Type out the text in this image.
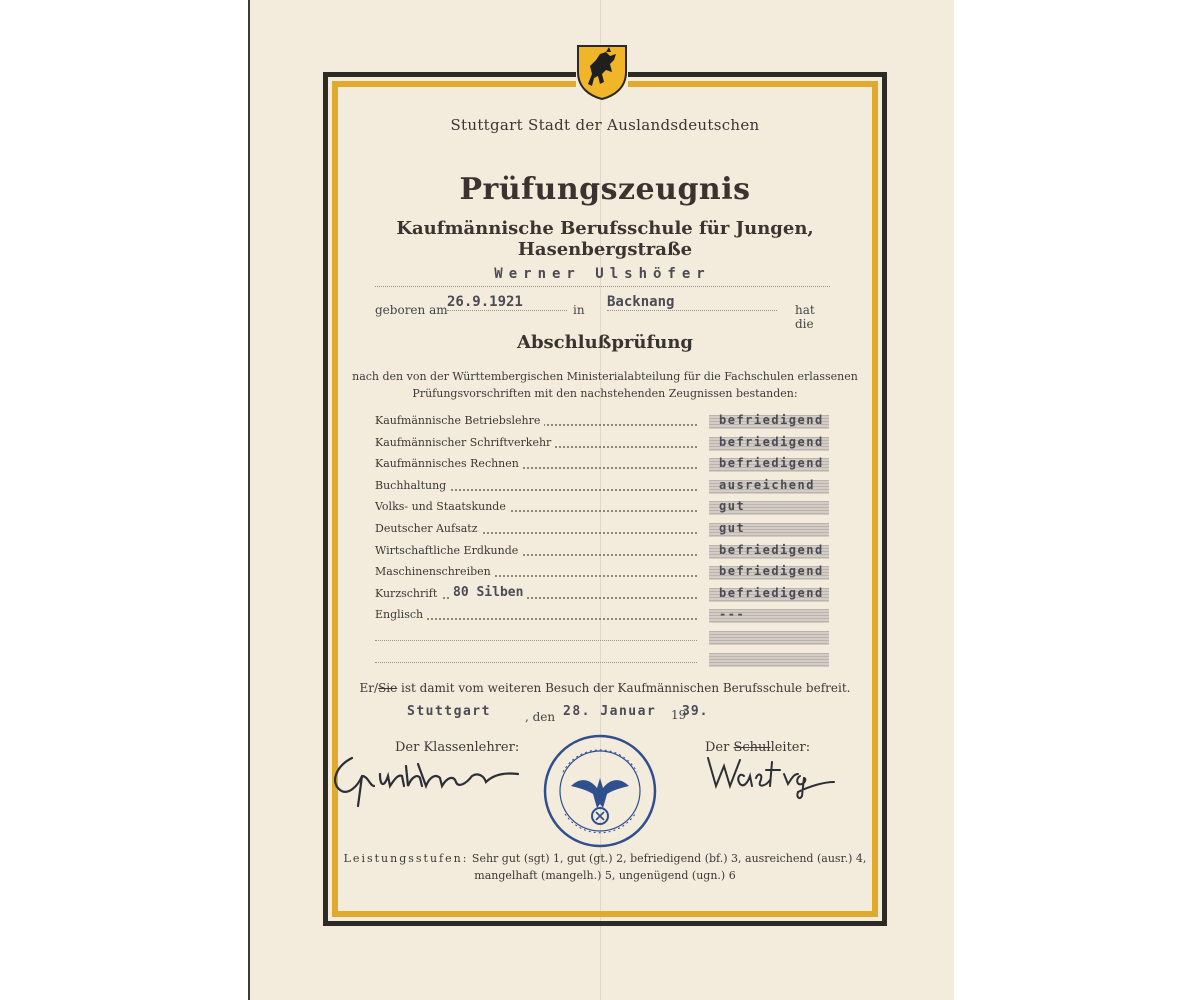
Stuttgart Stadt der Auslandsdeutschen
Prüfungszeugnis
Kaufmännische Berufsschule für Jungen, Hasenbergstraße
Werner Ulshöfer
geboren am 26.9.1921	in Backnang	hat die
Abschlußprüfung
nach den von der Württembergischen Ministerialabteilung für die Fachschulen erlassenen
Prüfungsvorschriften mit den nachstehenden Zeugnissen bestanden:
Kaufmännische Betriebslehre	befriedigend
Kaufmännischer Schriftverkehr	befriedigend
Kaufmännisches Rechnen	befriedigend
Buchhaltung	ausreichend
Volks- und Staatskunde	gut
Deutscher Aufsatz	gut
Wirtschaftliche Erdkunde	befriedigend
Maschinenschreiben	befriedigend
Kurzschrift	80 Silben	befriedigend
Englisch	---
Er/Sie ist damit vom weiteren Besuch der Kaufmännischen Berufsschule befreit.
Stuttgart	, den 28. Januar 19
39.
Der Klassenlehrer:	Der Schulleiter:
Leistungsstufen: Sehr gut (sgt) 1, gut (gt.) 2, befriedigend (bf.) 3, ausreichend (ausr.) 4,
mangelhaft (mangelh.) 5, ungenügend (ugn.) 6
